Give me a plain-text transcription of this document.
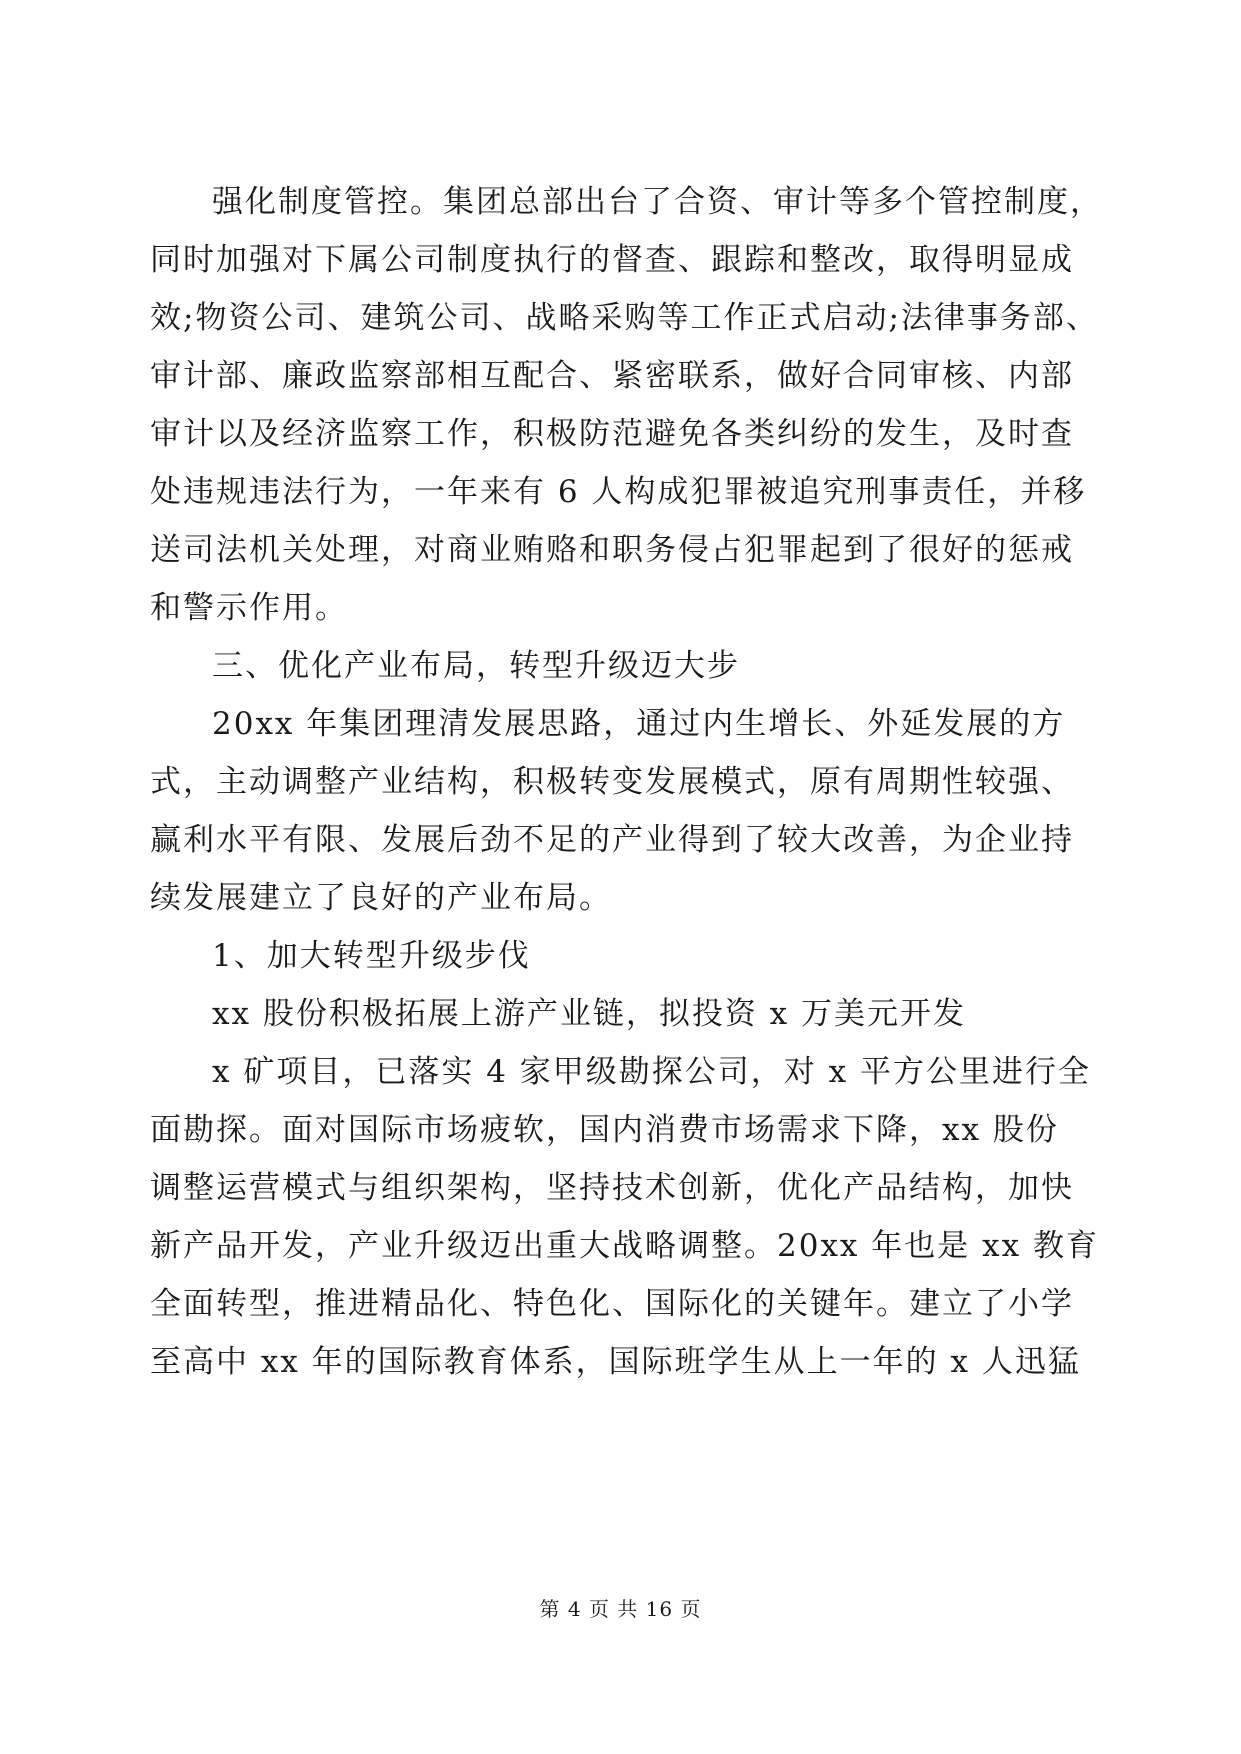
强化制度管控。集团总部出台了合资、审计等多个管控制度，
同时加强对下属公司制度执行的督查、跟踪和整改，取得明显成
效;物资公司、建筑公司、战略采购等工作正式启动;法律事务部、
审计部、廉政监察部相互配合、紧密联系，做好合同审核、内部
审计以及经济监察工作，积极防范避免各类纠纷的发生，及时查
处违规违法行为，一年来有 6 人构成犯罪被追究刑事责任，并移
送司法机关处理，对商业贿赂和职务侵占犯罪起到了很好的惩戒
和警示作用。
三、优化产业布局，转型升级迈大步
20xx 年集团理清发展思路，通过内生增长、外延发展的方
式，主动调整产业结构，积极转变发展模式，原有周期性较强、
赢利水平有限、发展后劲不足的产业得到了较大改善，为企业持
续发展建立了良好的产业布局。
1、加大转型升级步伐
xx 股份积极拓展上游产业链，拟投资 x 万美元开发
x 矿项目，已落实 4 家甲级勘探公司，对 x 平方公里进行全
面勘探。面对国际市场疲软，国内消费市场需求下降，xx 股份
调整运营模式与组织架构，坚持技术创新，优化产品结构，加快
新产品开发，产业升级迈出重大战略调整。20xx 年也是 xx 教育
全面转型，推进精品化、特色化、国际化的关键年。建立了小学
至高中 xx 年的国际教育体系，国际班学生从上一年的 x 人迅猛
第 4 页 共 16 页
